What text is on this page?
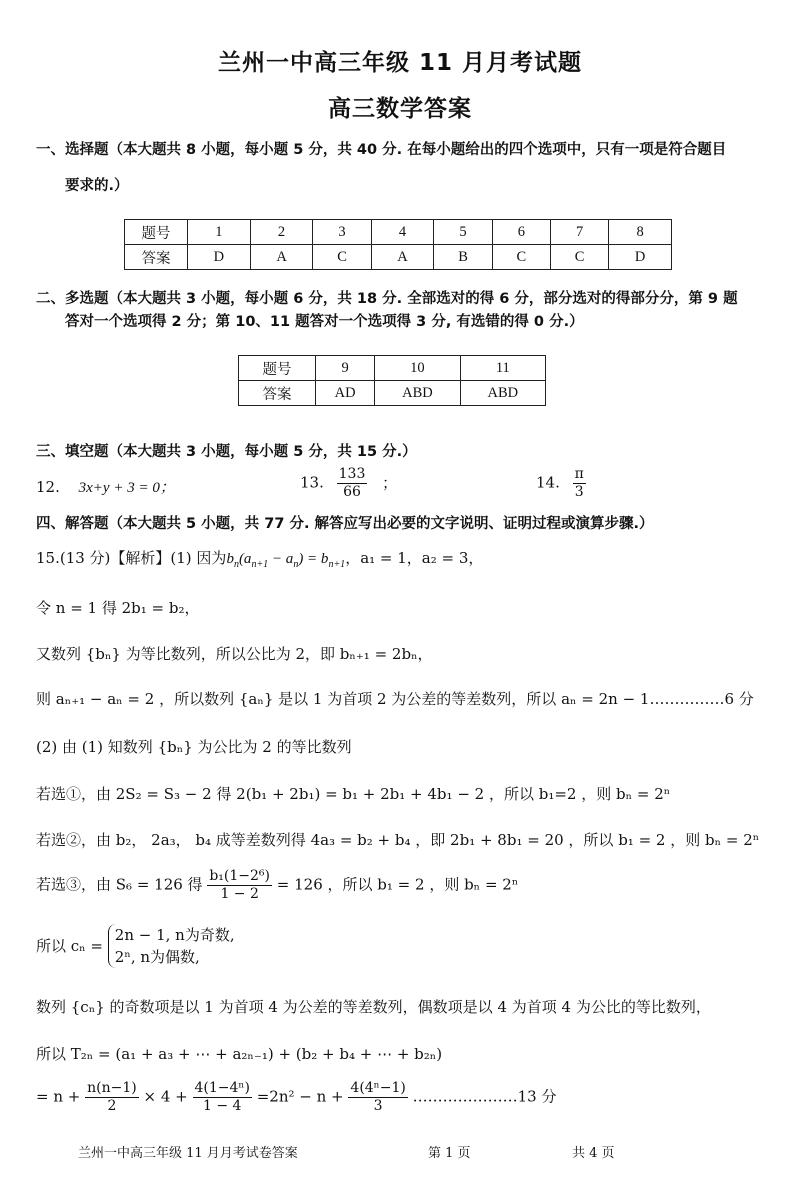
兰州一中高三年级 11 月月考试题
高三数学答案
一、选择题（本大题共 8 小题，每小题 5 分，共 40 分. 在每小题给出的四个选项中，只有一项是符合题目
要求的.）
题号	1	2	3	4	5	6	7	8
答案	D	A	C	A	B	C	C	D
二、多选题（本大题共 3 小题，每小题 6 分，共 18 分. 全部选对的得 6 分，部分选对的得部分分，第 9 题
答对一个选项得 2 分；第 10、11 题答对一个选项得 3 分, 有选错的得 0 分.）
题号	9	10	11
答案	AD	ABD	ABD
三、填空题（本大题共 3 小题，每小题 5 分，共 15 分.）
12. 3x+y + 3 = 0；	13. $\frac{133}{66}$ ；	14. $\frac{\pi}{3}$
四、解答题（本大题共 5 小题，共 77 分. 解答应写出必要的文字说明、证明过程或演算步骤.）
15.(13 分)【解析】(1) 因为$b_n(a_{n+1} - a_n) = b_{n+1}$，a₁ = 1，a₂ = 3，
令 n = 1 得 2b₁ = b₂，
又数列 {bₙ} 为等比数列，所以公比为 2，即 bₙ₊₁ = 2bₙ，
则 aₙ₊₁ − aₙ = 2 ，所以数列 {aₙ} 是以 1 为首项 2 为公差的等差数列，所以 aₙ = 2n − 1……………6 分
(2) 由 (1) 知数列 {bₙ} 为公比为 2 的等比数列
若选①，由 2S₂ = S₃ − 2 得 2(b₁ + 2b₁) = b₁ + 2b₁ + 4b₁ − 2 ，所以 b₁=2 ，则 bₙ = 2ⁿ
若选②，由 b₂， 2a₃， b₄ 成等差数列得 4a₃ = b₂ + b₄ ，即 2b₁ + 8b₁ = 20 ，所以 b₁ = 2 ，则 bₙ = 2ⁿ
若选③，由 S₆ = 126 得 $\frac{\text{b₁(1−2⁶)}}{1 - 2} = 126$ ，所以 b₁ = 2 ，则 bₙ = 2ⁿ
所以 cₙ =
2n − 1, n为奇数,
2ⁿ, n为偶数,
数列 {cₙ} 的奇数项是以 1 为首项 4 为公差的等差数列，偶数项是以 4 为首项 4 为公比的等比数列，
所以 T₂ₙ = (a₁ + a₃ + ⋯ + a₂ₙ₋₁) + (b₂ + b₄ + ⋯ + b₂ₙ)
= $n + \frac{n(n-1)}{2} \times 4 + \frac{\text{4(1−4ⁿ)}}{1 - 4} =2n^2 - n + \frac{\text{4(4ⁿ−1)}}{3}$ …………………13 分
兰州一中高三年级 11 月月考试卷答案	第 1 页	共 4 页
